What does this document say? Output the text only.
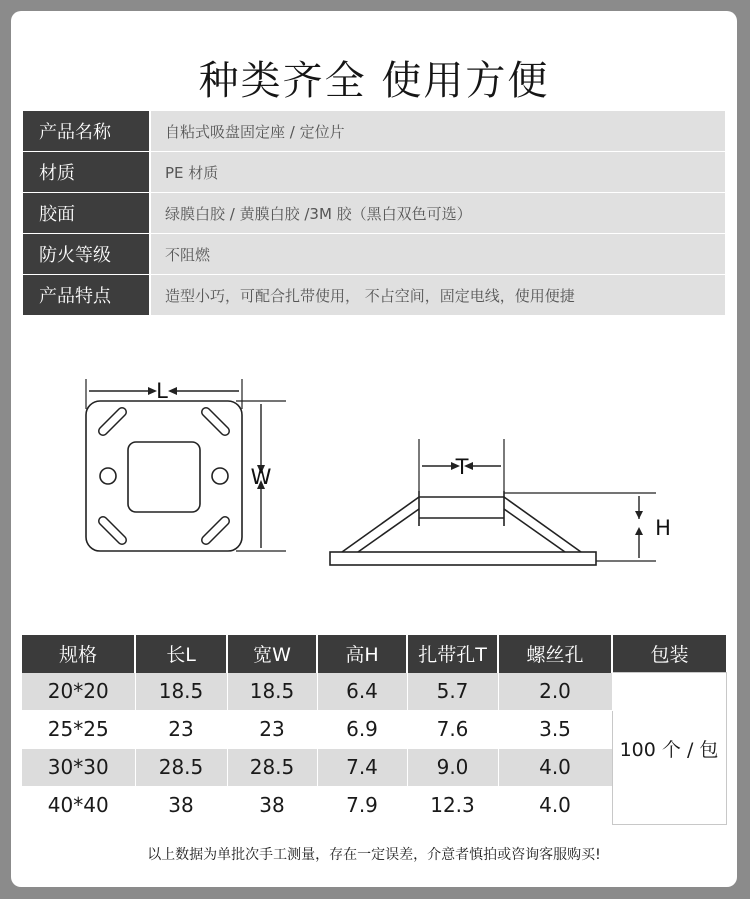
种类齐全 使用方便
产品名称	自粘式吸盘固定座 / 定位片
材质	PE 材质
胶面	绿膜白胶 / 黄膜白胶 /3M 胶（黑白双色可选）
防火等级	不阻燃
产品特点	造型小巧，可配合扎带使用， 不占空间，固定电线，使用便捷
L
W	T
H
规格	长L	宽W	高H	扎带孔T	螺丝孔	包装
20*20	18.5	18.5	6.4	5.7	2.0	100 个 / 包
25*25	23	23	6.9	7.6	3.5	
30*30	28.5	28.5	7.4	9.0	4.0	
40*40	38	38	7.9	12.3	4.0	
以上数据为单批次手工测量，存在一定误差，介意者慎拍或咨询客服购买!
